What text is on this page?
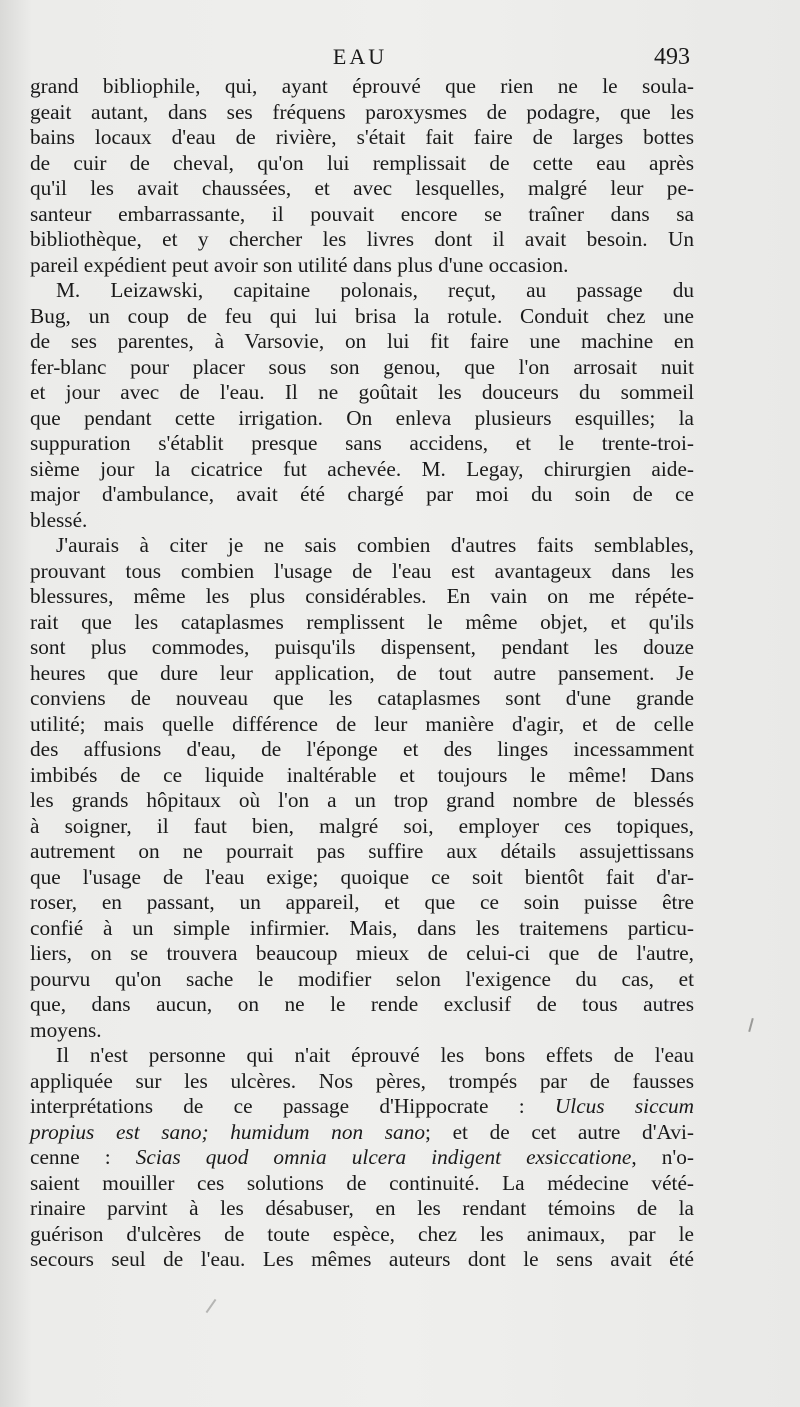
EAU	493
grand bibliophile, qui, ayant éprouvé que rien ne le soula-
geait autant, dans ses fréquens paroxysmes de podagre, que les
bains locaux d'eau de rivière, s'était fait faire de larges bottes
de cuir de cheval, qu'on lui remplissait de cette eau après
qu'il les avait chaussées, et avec lesquelles, malgré leur pe-
santeur embarrassante, il pouvait encore se traîner dans sa
bibliothèque, et y chercher les livres dont il avait besoin. Un
pareil expédient peut avoir son utilité dans plus d'une occasion.
M. Leizawski, capitaine polonais, reçut, au passage du
Bug, un coup de feu qui lui brisa la rotule. Conduit chez une
de ses parentes, à Varsovie, on lui fit faire une machine en
fer-blanc pour placer sous son genou, que l'on arrosait nuit
et jour avec de l'eau. Il ne goûtait les douceurs du sommeil
que pendant cette irrigation. On enleva plusieurs esquilles; la
suppuration s'établit presque sans accidens, et le trente-troi-
sième jour la cicatrice fut achevée. M. Legay, chirurgien aide-
major d'ambulance, avait été chargé par moi du soin de ce
blessé.
J'aurais à citer je ne sais combien d'autres faits semblables,
prouvant tous combien l'usage de l'eau est avantageux dans les
blessures, même les plus considérables. En vain on me répéte-
rait que les cataplasmes remplissent le même objet, et qu'ils
sont plus commodes, puisqu'ils dispensent, pendant les douze
heures que dure leur application, de tout autre pansement. Je
conviens de nouveau que les cataplasmes sont d'une grande
utilité; mais quelle différence de leur manière d'agir, et de celle
des affusions d'eau, de l'éponge et des linges incessamment
imbibés de ce liquide inaltérable et toujours le même! Dans
les grands hôpitaux où l'on a un trop grand nombre de blessés
à soigner, il faut bien, malgré soi, employer ces topiques,
autrement on ne pourrait pas suffire aux détails assujettissans
que l'usage de l'eau exige; quoique ce soit bientôt fait d'ar-
roser, en passant, un appareil, et que ce soin puisse être
confié à un simple infirmier. Mais, dans les traitemens particu-
liers, on se trouvera beaucoup mieux de celui-ci que de l'autre,
pourvu qu'on sache le modifier selon l'exigence du cas, et
que, dans aucun, on ne le rende exclusif de tous autres
moyens.
Il n'est personne qui n'ait éprouvé les bons effets de l'eau
appliquée sur les ulcères. Nos pères, trompés par de fausses
interprétations de ce passage d'Hippocrate : Ulcus siccum
propius est sano; humidum non sano; et de cet autre d'Avi-
cenne : Scias quod omnia ulcera indigent exsiccatione, n'o-
saient mouiller ces solutions de continuité. La médecine vété-
rinaire parvint à les désabuser, en les rendant témoins de la
guérison d'ulcères de toute espèce, chez les animaux, par le
secours seul de l'eau. Les mêmes auteurs dont le sens avait été
